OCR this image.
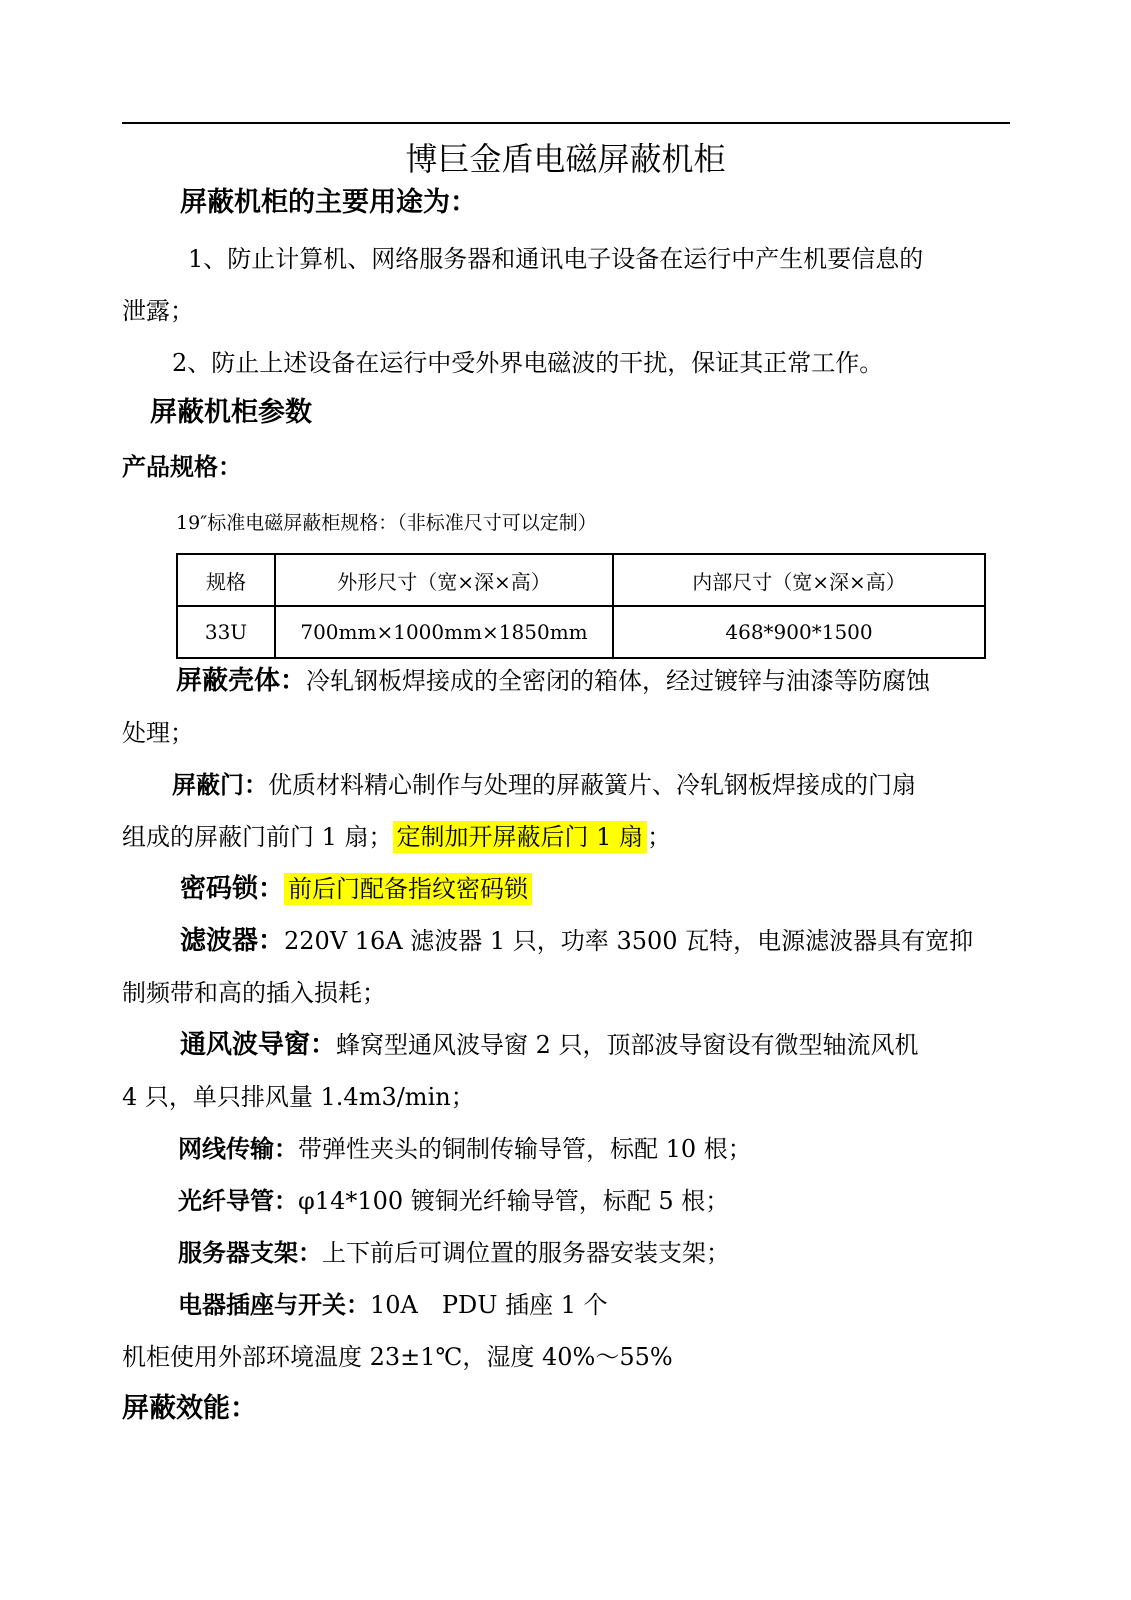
博巨金盾电磁屏蔽机柜
屏蔽机柜的主要用途为：
1、防止计算机、网络服务器和通讯电子设备在运行中产生机要信息的
泄露；
2、防止上述设备在运行中受外界电磁波的干扰，保证其正常工作。
屏蔽机柜参数
产品规格：
19″标准电磁屏蔽柜规格：（非标准尺寸可以定制）
规格	外形尺寸（宽×深×高）	内部尺寸（宽×深×高）
33U	700mm×1000mm×1850mm	468*900*1500
屏蔽壳体：冷轧钢板焊接成的全密闭的箱体，经过镀锌与油漆等防腐蚀
处理；
屏蔽门：优质材料精心制作与处理的屏蔽簧片、冷轧钢板焊接成的门扇
组成的屏蔽门前门 1 扇； 定制加开屏蔽后门 1 扇 ；
密码锁： 前后门配备指纹密码锁
滤波器：220V 16A 滤波器 1 只，功率 3500 瓦特，电源滤波器具有宽抑
制频带和高的插入损耗；
通风波导窗：蜂窝型通风波导窗 2 只，顶部波导窗设有微型轴流风机
4 只，单只排风量 1.4m3/min；
网线传输：带弹性夹头的铜制传输导管，标配 10 根；
光纤导管：φ14*100 镀铜光纤输导管，标配 5 根；
服务器支架：上下前后可调位置的服务器安装支架；
电器插座与开关：10A　PDU 插座 1 个
机柜使用外部环境温度 23±1℃，湿度 40%～55%
屏蔽效能：
